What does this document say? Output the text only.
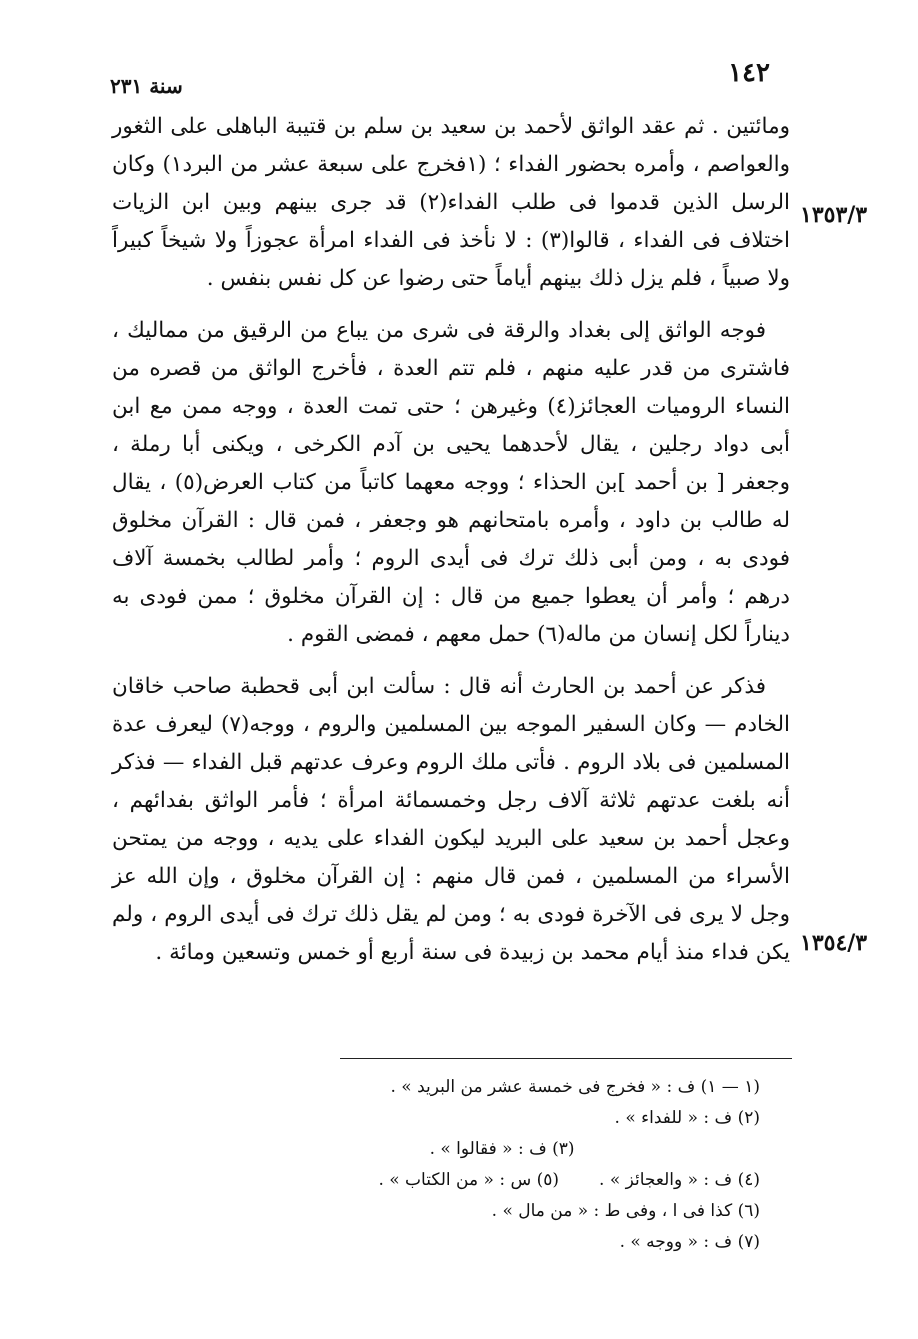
١٤٢
سنة ٢٣١

ومائتين . ثم عقد الواثق لأحمد بن سعيد بن سلم بن قتيبة الباهلى على الثغور والعواصم ، وأمره بحضور الفداء ؛ (١فخرج على سبعة عشر من البرد١) وكان الرسل الذين قدموا فى طلب الفداء(٢) قد جرى بينهم وبين ابن الزيات اختلاف فى الفداء ، قالوا(٣) : لا نأخذ فى الفداء امرأة عجوزاً ولا شيخاً كبيراً ولا صبياً ، فلم يزل ذلك بينهم أياماً حتى رضوا عن كل نفس بنفس .

فوجه الواثق إلى بغداد والرقة فى شرى من يباع من الرقيق من مماليك ، فاشترى من قدر عليه منهم ، فلم تتم العدة ، فأخرج الواثق من قصره من النساء الروميات العجائز(٤) وغيرهن ؛ حتى تمت العدة ، ووجه ممن مع ابن أبى دواد رجلين ، يقال لأحدهما يحيى بن آدم الكرخى ، ويكنى أبا رملة ، وجعفر [ بن أحمد ]بن الحذاء ؛ ووجه معهما كاتباً من كتاب العرض(٥) ، يقال له طالب بن داود ، وأمره بامتحانهم هو وجعفر ، فمن قال : القرآن مخلوق فودى به ، ومن أبى ذلك ترك فى أيدى الروم ؛ وأمر لطالب بخمسة آلاف درهم ؛ وأمر أن يعطوا جميع من قال : إن القرآن مخلوق ؛ ممن فودى به ديناراً لكل إنسان من ماله(٦) حمل معهم ، فمضى القوم .

فذكر عن أحمد بن الحارث أنه قال : سألت ابن أبى قحطبة صاحب خاقان الخادم — وكان السفير الموجه بين المسلمين والروم ، ووجه(٧) ليعرف عدة المسلمين فى بلاد الروم . فأتى ملك الروم وعرف عدتهم قبل الفداء — فذكر أنه بلغت عدتهم ثلاثة آلاف رجل وخمسمائة امرأة ؛ فأمر الواثق بفدائهم ، وعجل أحمد بن سعيد على البريد ليكون الفداء على يديه ، ووجه من يمتحن الأسراء من المسلمين ، فمن قال منهم : إن القرآن مخلوق ، وإن الله عز وجل لا يرى فى الآخرة فودى به ؛ ومن لم يقل ذلك ترك فى أيدى الروم ، ولم يكن فداء منذ أيام محمد بن زبيدة فى سنة أربع أو خمس وتسعين ومائة .

١٣٥٣/٣
١٣٥٤/٣
(١ — ١) ف : « فخرج فى خمسة عشر من البريد » .
(٢) ف : « للفداء » .
(٣) ف : « فقالوا » .
(٤) ف : « والعجائز » .
(٥) س : « من الكتاب » .
(٦) كذا فى ا ، وفى ط : « من مال » .
(٧) ف : « ووجه » .
